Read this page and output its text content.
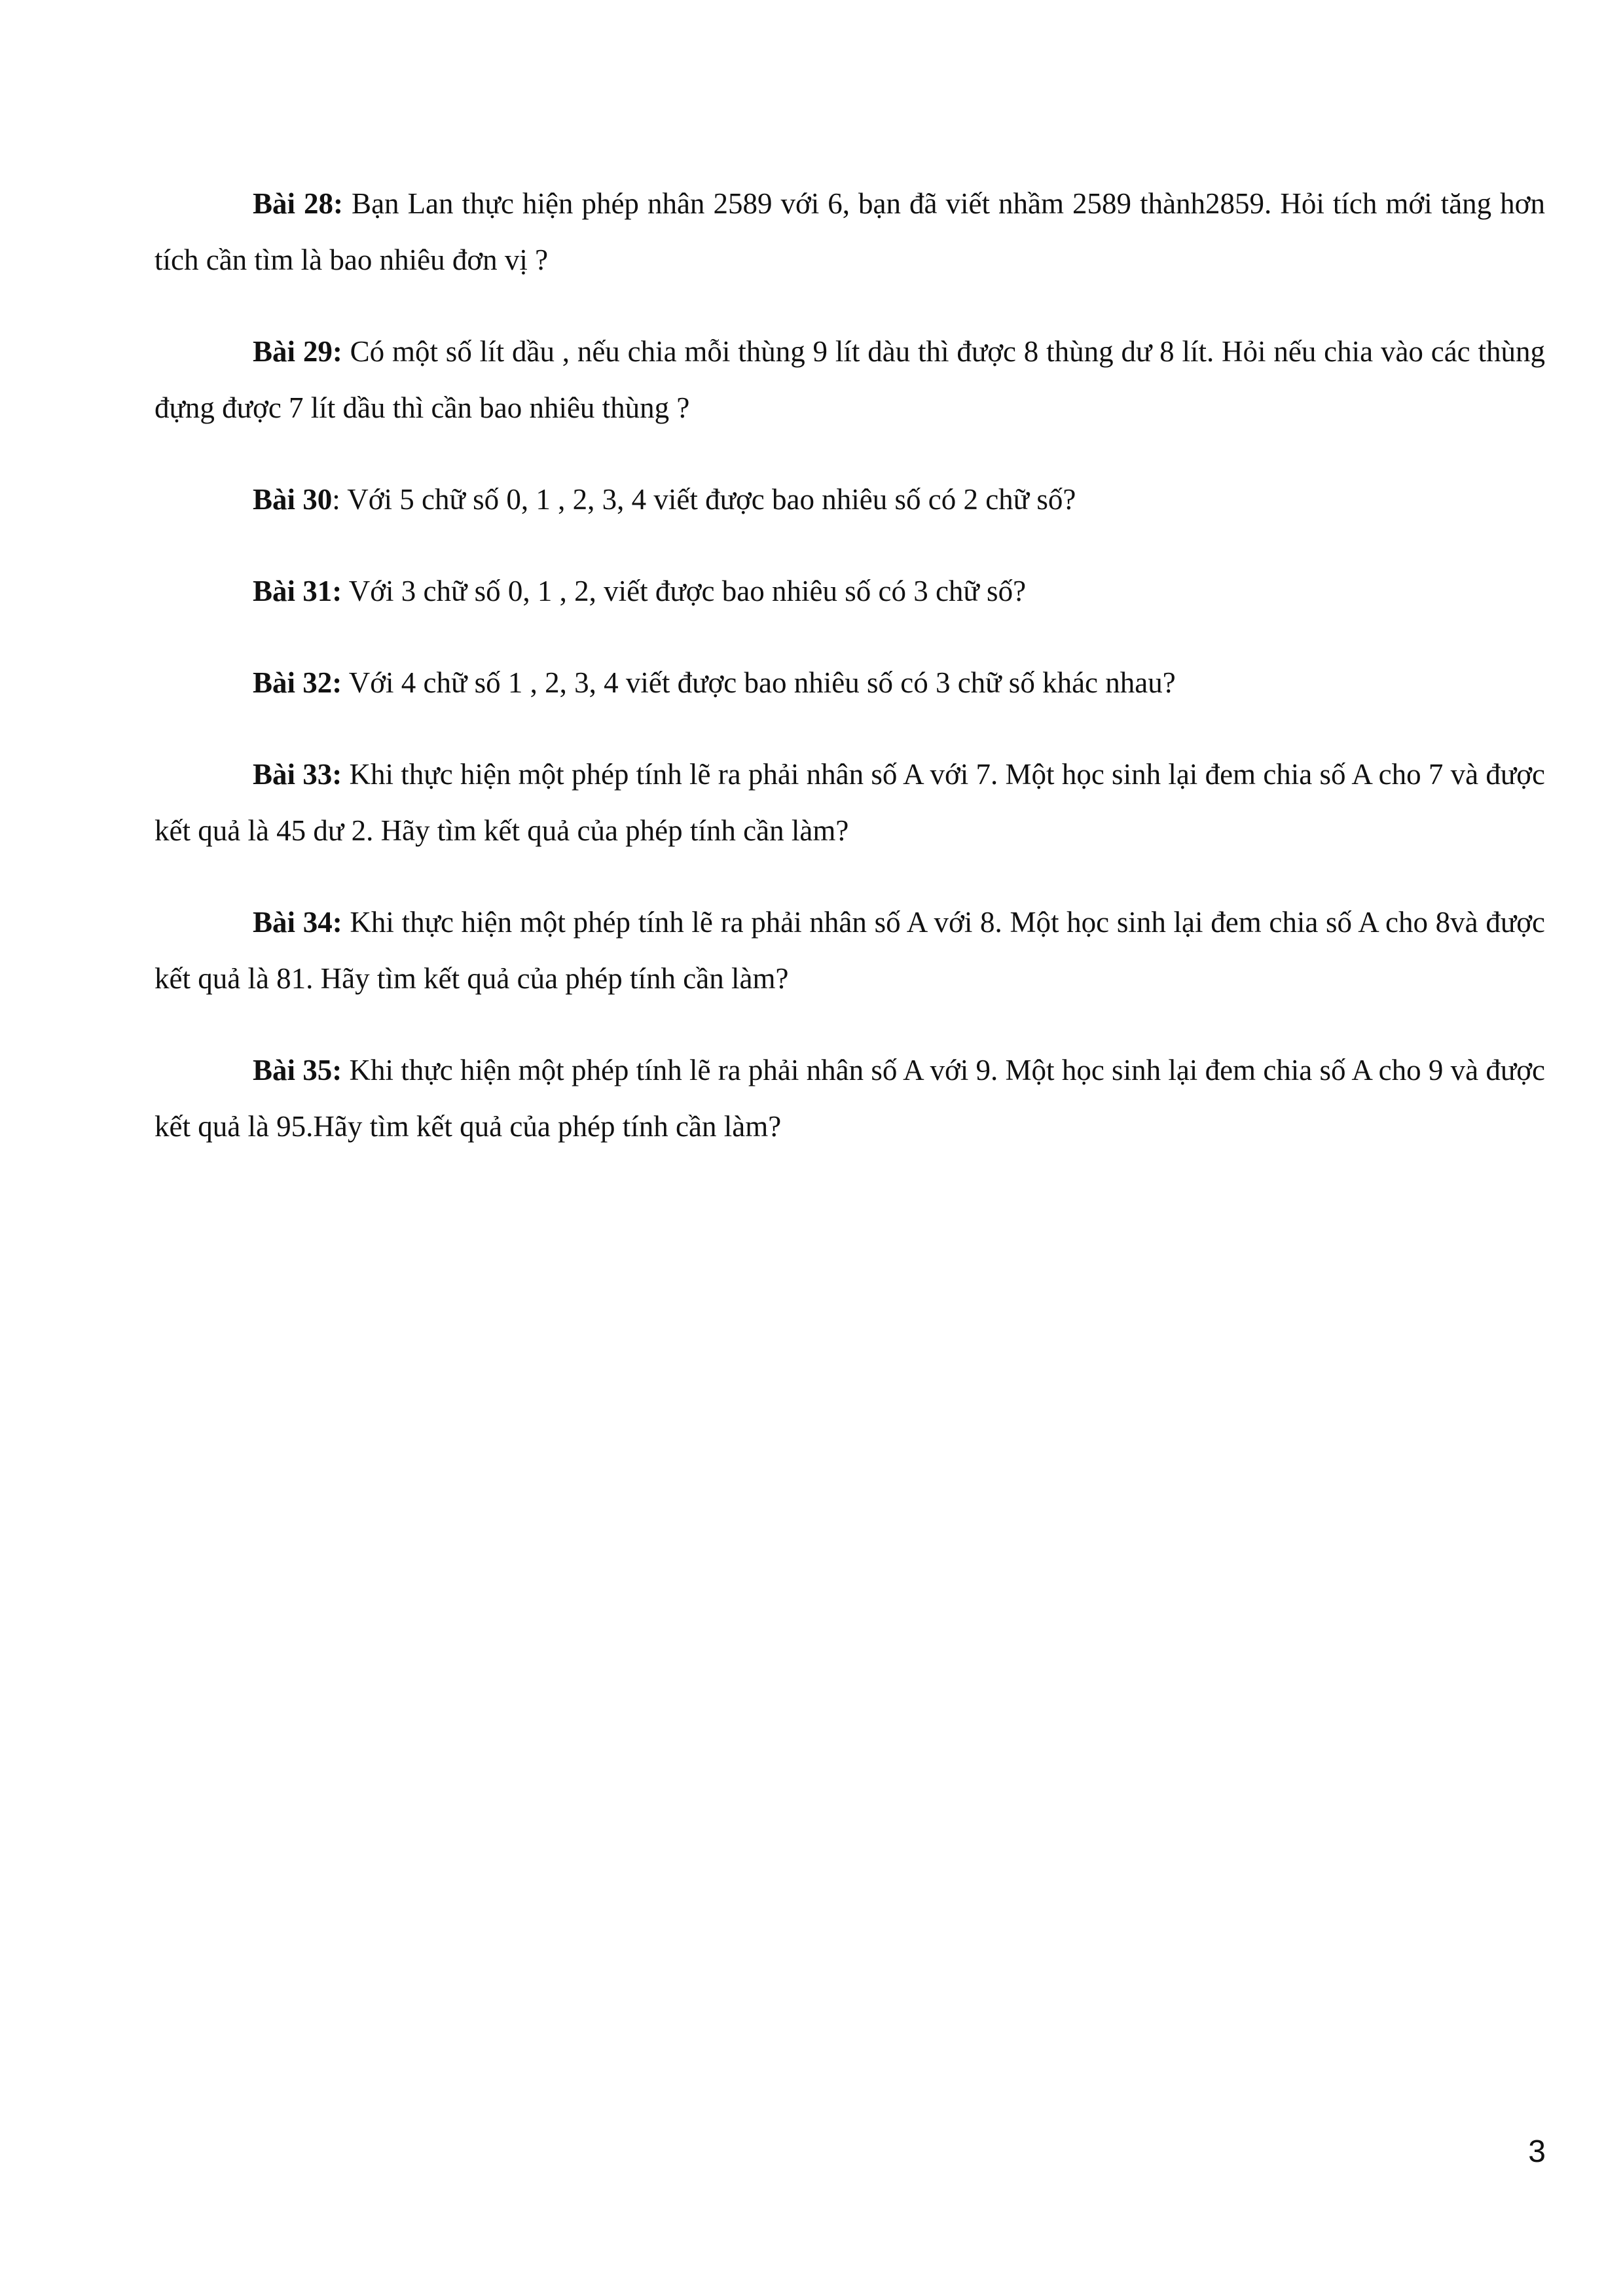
Bài 28: Bạn Lan thực hiện phép nhân 2589 với 6, bạn đã viết nhầm 2589 thành2859. Hỏi tích mới tăng hơn tích cần tìm là bao nhiêu đơn vị ?

Bài 29: Có một số lít dầu , nếu chia mỗi thùng 9 lít dàu thì được 8 thùng dư 8 lít. Hỏi nếu chia vào các thùng đựng được 7 lít dầu thì cần bao nhiêu thùng ?

Bài 30: Với 5 chữ số 0, 1 , 2, 3, 4 viết được bao nhiêu số có 2 chữ số?

Bài 31: Với 3 chữ số 0, 1 , 2, viết được bao nhiêu số có 3 chữ số?

Bài 32: Với 4 chữ số 1 , 2, 3, 4 viết được bao nhiêu số có 3 chữ số khác nhau?

Bài 33: Khi thực hiện một phép tính lẽ ra phải nhân số A với 7. Một học sinh lại đem chia số A cho 7 và được kết quả là 45 dư 2. Hãy tìm kết quả của phép tính cần làm?

Bài 34: Khi thực hiện một phép tính lẽ ra phải nhân số A với 8. Một học sinh lại đem chia số A cho 8và được kết quả là 81. Hãy tìm kết quả của phép tính cần làm?

Bài 35: Khi thực hiện một phép tính lẽ ra phải nhân số A với 9. Một học sinh lại đem chia số A cho 9 và được kết quả là 95.Hãy tìm kết quả của phép tính cần làm?

3
